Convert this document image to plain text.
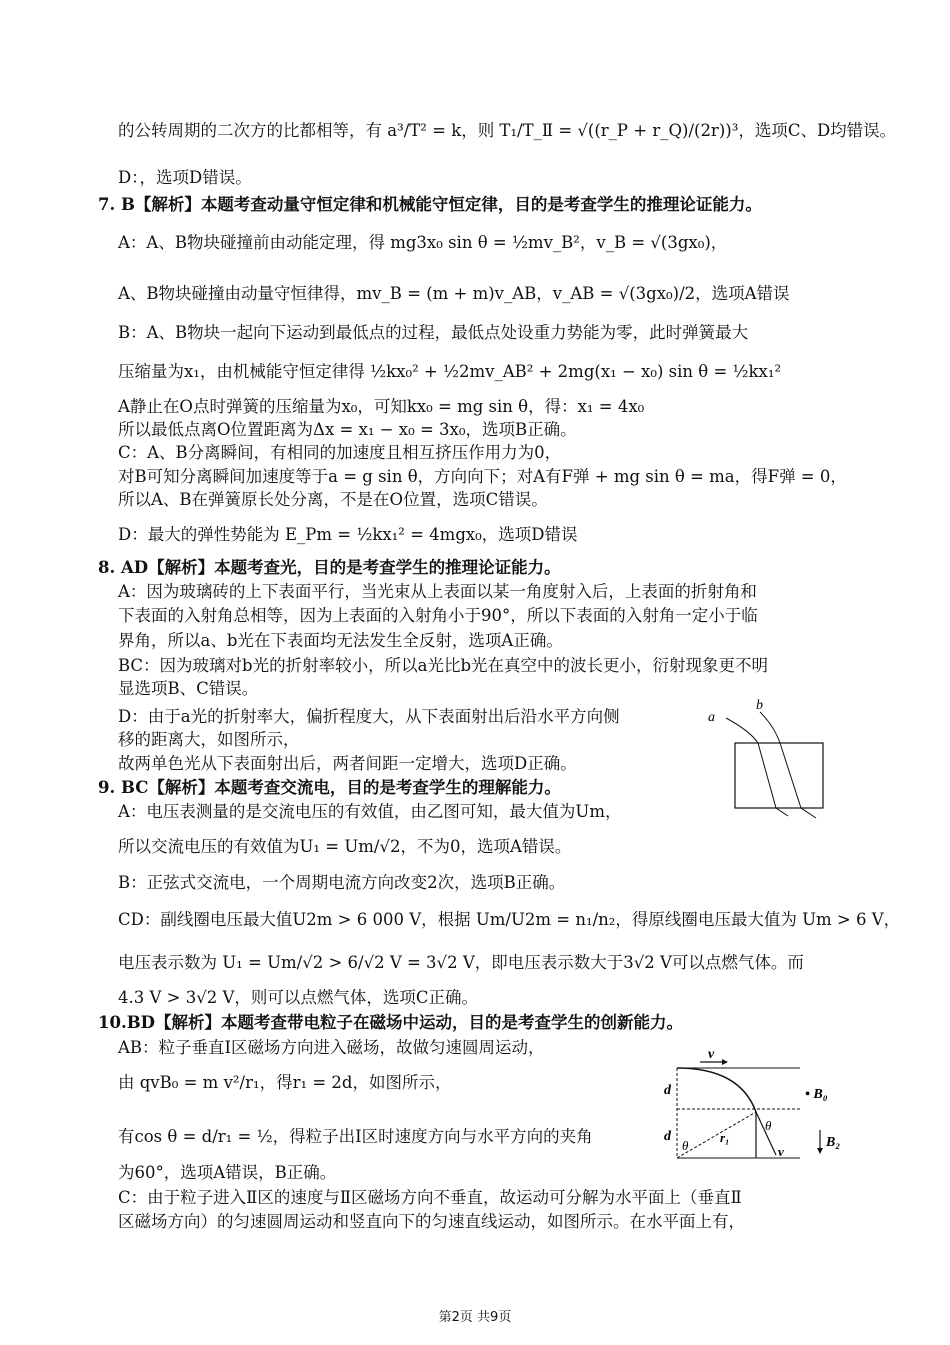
的公转周期的二次方的比都相等，有 a³/T² = k，则 T₁/T_Ⅱ = √((r_P + r_Q)/(2r))³，选项C、D均错误。
D：，选项D错误。
7. B【解析】本题考查动量守恒定律和机械能守恒定律，目的是考查学生的推理论证能力。
A：A、B物块碰撞前由动能定理，得 mg3x₀ sin θ = ½mv_B²，v_B = √(3gx₀)，
A、B物块碰撞由动量守恒律得，mv_B = (m + m)v_AB，v_AB = √(3gx₀)/2，选项A错误
B：A、B物块一起向下运动到最低点的过程，最低点处设重力势能为零，此时弹簧最大
压缩量为x₁，由机械能守恒定律得 ½kx₀² + ½2mv_AB² + 2mg(x₁ − x₀) sin θ = ½kx₁²
A静止在O点时弹簧的压缩量为x₀，可知kx₀ = mg sin θ，得：x₁ = 4x₀
所以最低点离O位置距离为Δx = x₁ − x₀ = 3x₀，选项B正确。
C：A、B分离瞬间，有相同的加速度且相互挤压作用力为0，
对B可知分离瞬间加速度等于a = g sin θ，方向向下；对A有F弹 + mg sin θ = ma，得F弹 = 0，
所以A、B在弹簧原长处分离，不是在O位置，选项C错误。
D：最大的弹性势能为 E_Pm = ½kx₁² = 4mgx₀，选项D错误
8. AD【解析】本题考查光，目的是考查学生的推理论证能力。
A：因为玻璃砖的上下表面平行，当光束从上表面以某一角度射入后，上表面的折射角和
下表面的入射角总相等，因为上表面的入射角小于90°，所以下表面的入射角一定小于临
界角，所以a、b光在下表面均无法发生全反射，选项A正确。
BC：因为玻璃对b光的折射率较小，所以a光比b光在真空中的波长更小，衍射现象更不明
显选项B、C错误。
D：由于a光的折射率大，偏折程度大，从下表面射出后沿水平方向侧
移的距离大，如图所示，
故两单色光从下表面射出后，两者间距一定增大，选项D正确。
9. BC【解析】本题考查交流电，目的是考查学生的理解能力。
A：电压表测量的是交流电压的有效值，由乙图可知，最大值为Um，
所以交流电压的有效值为U₁ = Um/√2，不为0，选项A错误。
B：正弦式交流电，一个周期电流方向改变2次，选项B正确。
CD：副线圈电压最大值U2m > 6 000 V，根据 Um/U2m = n₁/n₂，得原线圈电压最大值为 Um > 6 V，
电压表示数为 U₁ = Um/√2 > 6/√2 V = 3√2 V，即电压表示数大于3√2 V可以点燃气体。而
4.3 V > 3√2 V，则可以点燃气体，选项C正确。
10.BD【解析】本题考查带电粒子在磁场中运动，目的是考查学生的创新能力。
AB：粒子垂直Ⅰ区磁场方向进入磁场，故做匀速圆周运动，
由 qvB₀ = m v²/r₁，得r₁ = 2d，如图所示，
有cos θ = d/r₁ = ½，得粒子出Ⅰ区时速度方向与水平方向的夹角
为60°，选项A错误，B正确。
C：由于粒子进入Ⅱ区的速度与Ⅱ区磁场方向不垂直，故运动可分解为水平面上（垂直Ⅱ
区磁场方向）的匀速圆周运动和竖直向下的匀速直线运动，如图所示。在水平面上有，
a
b
v
d
d
• B₀
B₂
θ
θ
r₁
v
第2页 共9页
